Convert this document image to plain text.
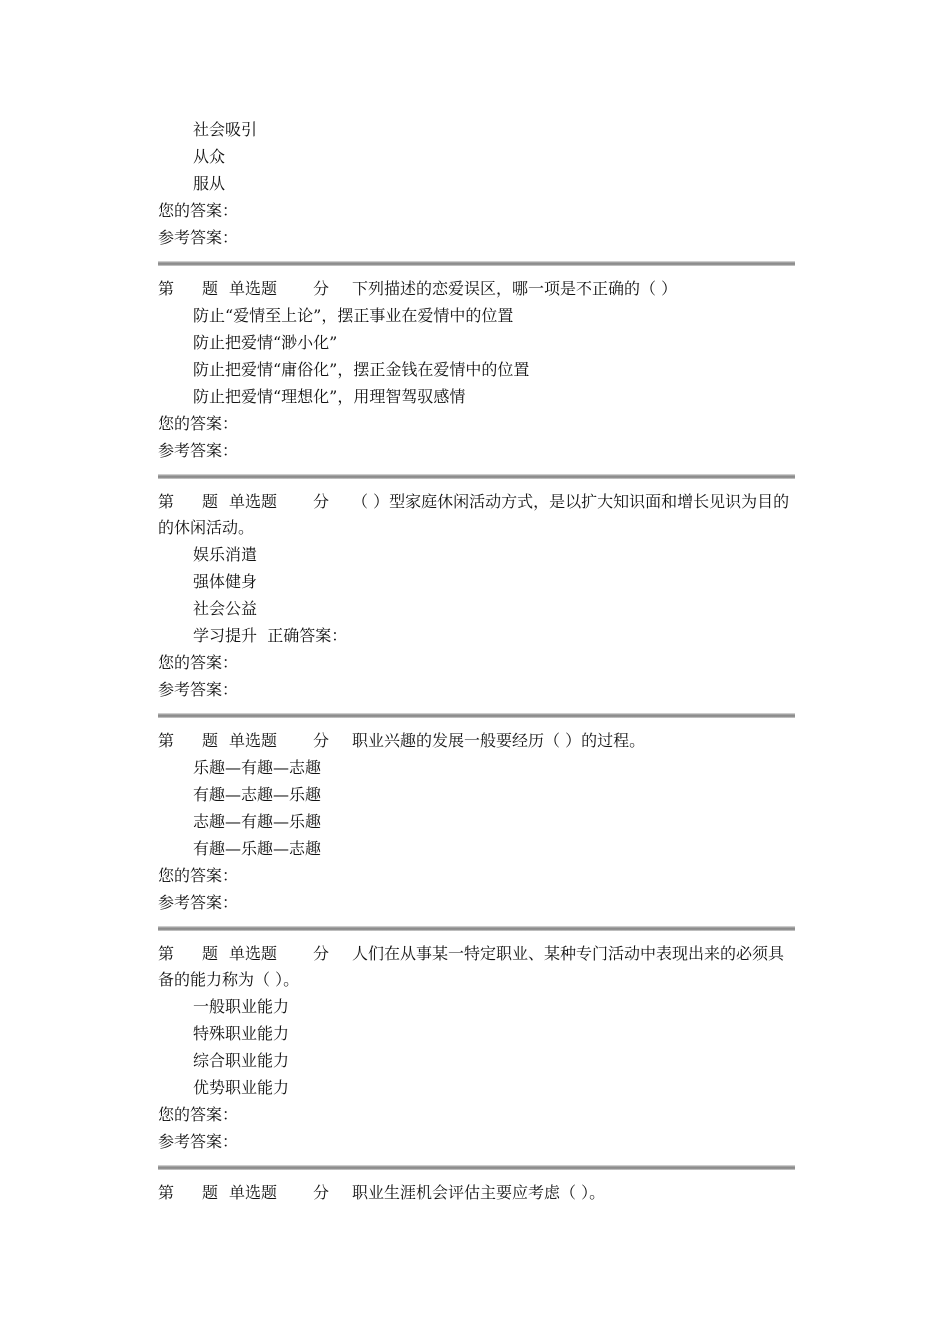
社会吸引
从众
服从
您的答案：
参考答案：
第 题 单选题 分 下列描述的恋爱误区，哪一项是不正确的（ ）
防止“爱情至上论”，摆正事业在爱情中的位置
防止把爱情“渺小化”
防止把爱情“庸俗化”，摆正金钱在爱情中的位置
防止把爱情“理想化”，用理智驾驭感情
您的答案：
参考答案：
第 题 单选题 分 （ ）型家庭休闲活动方式，是以扩大知识面和增长见识为目的的休闲活动。
娱乐消遣
强体健身
社会公益
学习提升 正确答案：
您的答案：
参考答案：
第 题 单选题 分 职业兴趣的发展一般要经历（ ）的过程。
乐趣—有趣—志趣
有趣—志趣—乐趣
志趣—有趣—乐趣
有趣—乐趣—志趣
您的答案：
参考答案：
第 题 单选题 分 人们在从事某一特定职业、某种专门活动中表现出来的必须具备的能力称为（ ）。
一般职业能力
特殊职业能力
综合职业能力
优势职业能力
您的答案：
参考答案：
第 题 单选题 分 职业生涯机会评估主要应考虑（ ）。
